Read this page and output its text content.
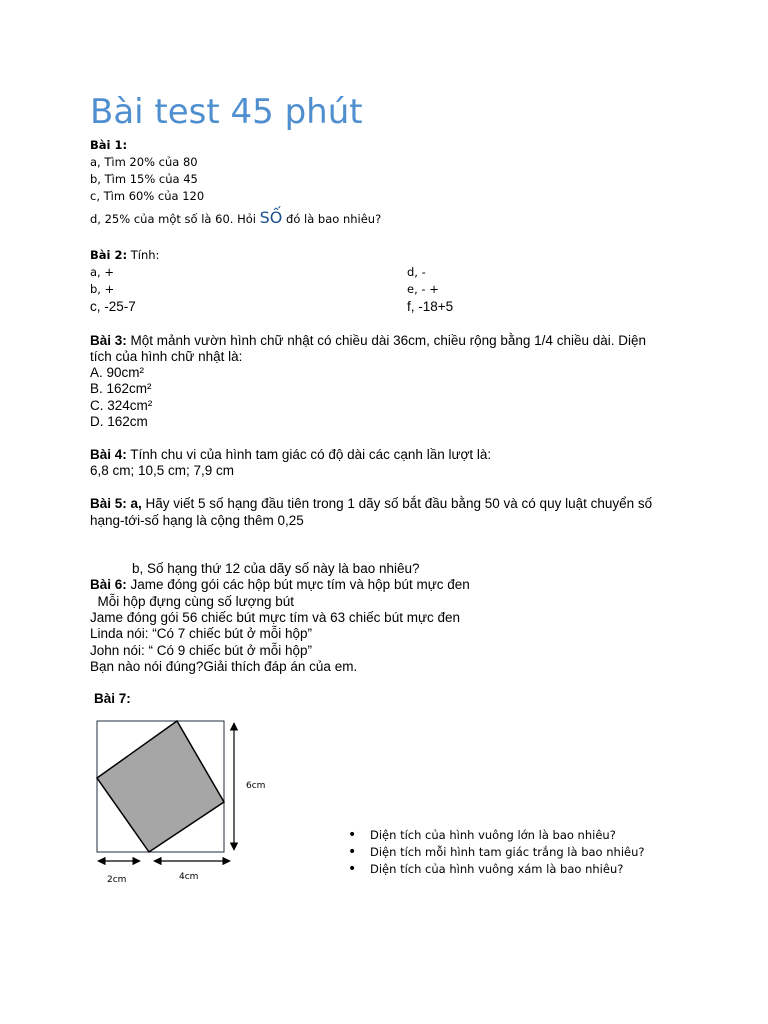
Bài test 45 phút
Bài 1:
a, Tìm 20% của 80
b, Tìm 15% của 45
c, Tìm 60% của 120
d, 25% của một số là 60. Hỏi SỐ đó là bao nhiêu?
Bài 2: Tính:
a, +
b, +
c, -25-7
d, -
e, - +
f, -18+5
Bài 3: Một mảnh vườn hình chữ nhật có chiều dài 36cm, chiều rộng bằng 1/4 chiều dài. Diện
tích của hình chữ nhật là:
A. 90cm²
B. 162cm²
C. 324cm²
D. 162cm
Bài 4: Tính chu vi của hình tam giác có độ dài các cạnh lần lượt là:
6,8 cm; 10,5 cm; 7,9 cm
Bài 5: a, Hãy viết 5 số hạng đầu tiên trong 1 dãy số bắt đầu bằng 50 và có quy luật chuyển số
hạng-tới-số hạng là cộng thêm 0,25
b, Số hạng thứ 12 của dãy số này là bao nhiêu?
Bài 6: Jame đóng gói các hộp bút mực tím và hộp bút mực đen
Mỗi hộp đựng cùng số lượng bút
Jame đóng gói 56 chiếc bút mực tím và 63 chiếc bút mực đen
Linda nói: “Có 7 chiếc bút ở mỗi hộp”
John nói: “ Có 9 chiếc bút ở mỗi hộp”
Bạn nào nói đúng?Giải thích đáp án của em.
Bài 7:
6cm
2cm	4cm
• Diện tích của hình vuông lớn là bao nhiêu?
• Diện tích mỗi hình tam giác trắng là bao nhiêu?
• Diện tích của hình vuông xám là bao nhiêu?
